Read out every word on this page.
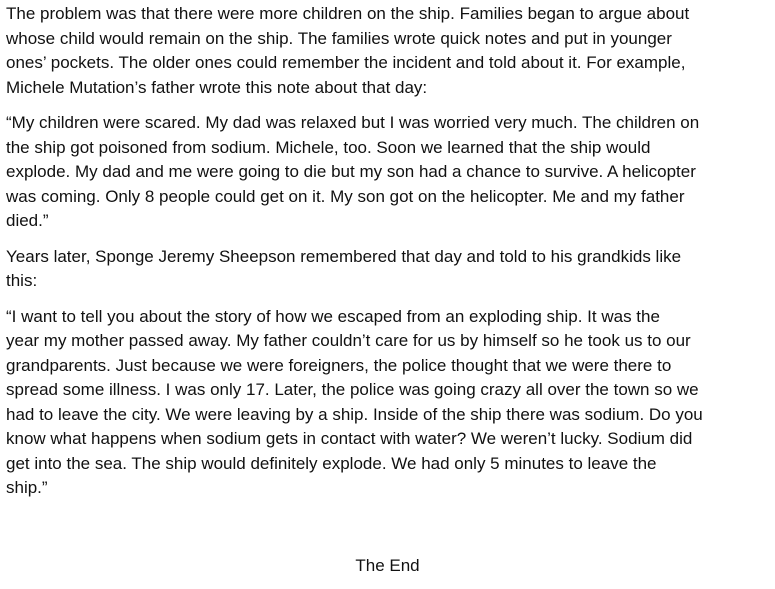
The problem was that there were more children on the ship. Families began to argue about
whose child would remain on the ship. The families wrote quick notes and put in younger
ones’ pockets. The older ones could remember the incident and told about it. For example,
Michele Mutation’s father wrote this note about that day:

“My children were scared. My dad was relaxed but I was worried very much. The children on
the ship got poisoned from sodium. Michele, too. Soon we learned that the ship would
explode. My dad and me were going to die but my son had a chance to survive. A helicopter
was coming. Only 8 people could get on it. My son got on the helicopter. Me and my father
died.”

Years later, Sponge Jeremy Sheepson remembered that day and told to his grandkids like
this:

“I want to tell you about the story of how we escaped from an exploding ship. It was the
year my mother passed away. My father couldn’t care for us by himself so he took us to our
grandparents. Just because we were foreigners, the police thought that we were there to
spread some illness. I was only 17. Later, the police was going crazy all over the town so we
had to leave the city. We were leaving by a ship. Inside of the ship there was sodium. Do you
know what happens when sodium gets in contact with water? We weren’t lucky. Sodium did
get into the sea. The ship would definitely explode. We had only 5 minutes to leave the
ship.”

The End
